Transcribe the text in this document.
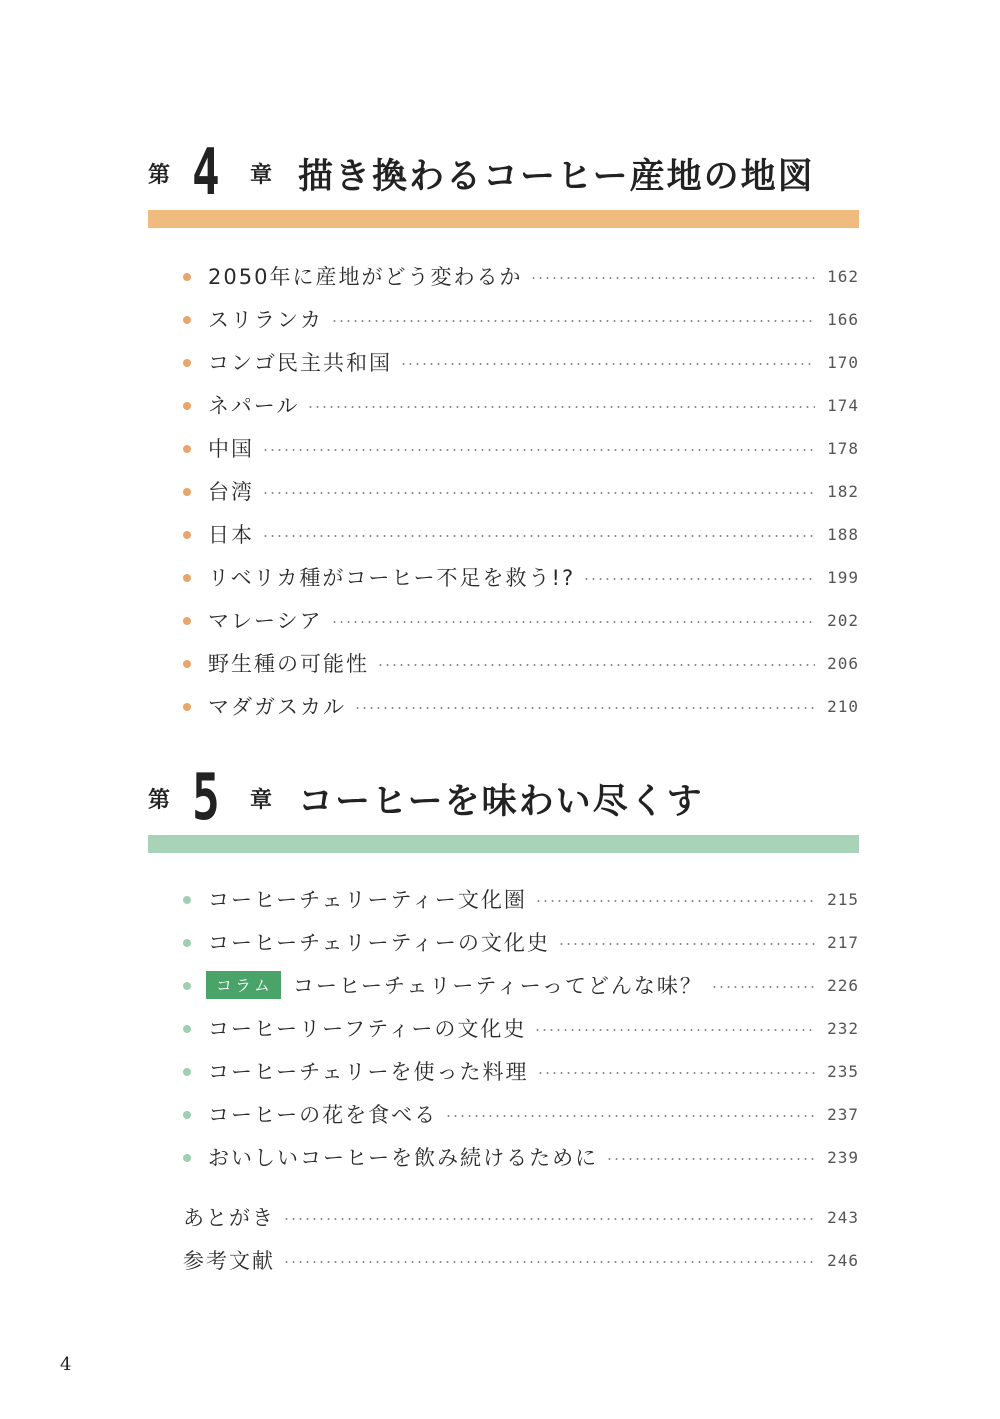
第 4 章 描き換わるコーヒー産地の地図
2050年に産地がどう変わるか	162
スリランカ	166
コンゴ民主共和国	170
ネパール	174
中国	178
台湾	182
日本	188
リベリカ種がコーヒー不足を救う!?	199
マレーシア	202
野生種の可能性	206
マダガスカル	210
第 5 章 コーヒーを味わい尽くす
コーヒーチェリーティー文化圏	215
コーヒーチェリーティーの文化史	217
コラム コーヒーチェリーティーってどんな味？	226
コーヒーリーフティーの文化史	232
コーヒーチェリーを使った料理	235
コーヒーの花を食べる	237
おいしいコーヒーを飲み続けるために	239
あとがき	243
参考文献	246
4
